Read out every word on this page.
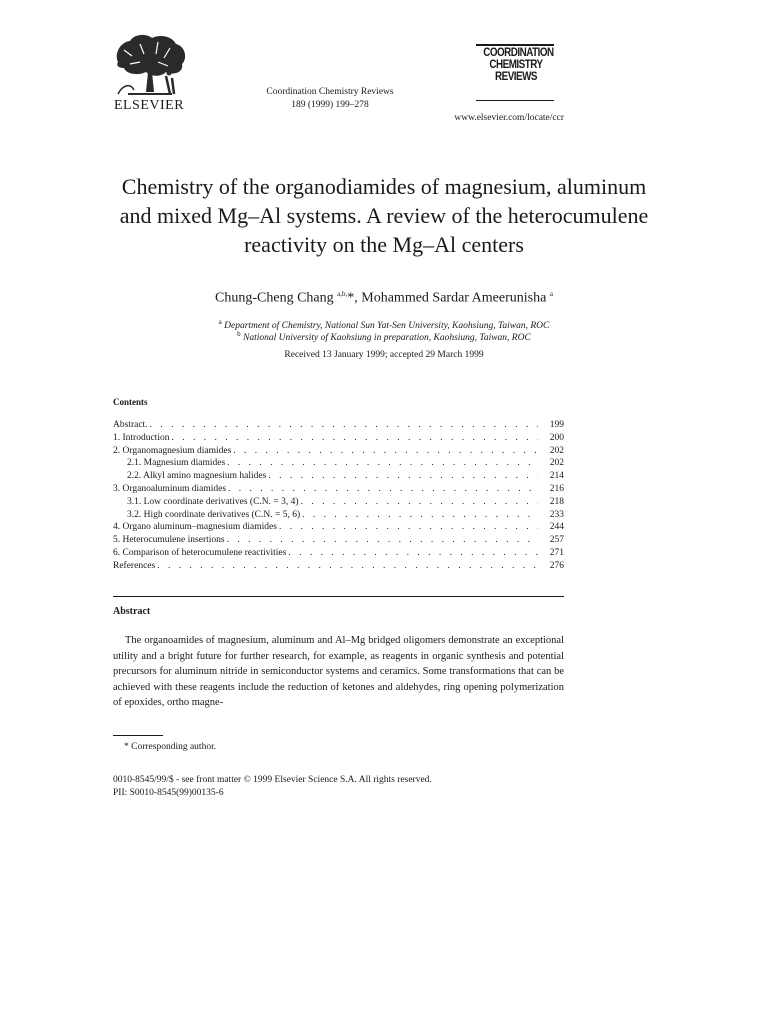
ELSEVIER
Coordination Chemistry Reviews
189 (1999) 199–278
COORDINATION
CHEMISTRY
REVIEWS
www.elsevier.com/locate/ccr
Chemistry of the organodiamides of magnesium, aluminum and mixed Mg–Al systems. A review of the heterocumulene reactivity on the Mg–Al centers
Chung-Cheng Chang $^{a,b,}$*, Mohammed Sardar Ameerunisha $^a$
$^a$ Department of Chemistry, National Sun Yat-Sen University, Kaohsiung, Taiwan, ROC
$^b$ National University of Kaohsiung in preparation, Kaohsiung, Taiwan, ROC
Received 13 January 1999; accepted 29 March 1999
Contents
Abstract. . . .	199
1. Introduction . . .	200
2. Organomagnesium diamides . . .	202
2.1. Magnesium diamides . . .	202
2.2. Alkyl amino magnesium halides . . .	214
3. Organoaluminum diamides . . .	216
3.1. Low coordinate derivatives (C.N. = 3, 4) . . .	218
3.2. High coordinate derivatives (C.N. = 5, 6) . . .	233
4. Organo aluminum–magnesium diamides . . .	244
5. Heterocumulene insertions . . .	257
6. Comparison of heterocumulene reactivities . . .	271
References . . .	276
Abstract
The organoamides of magnesium, aluminum and Al–Mg bridged oligomers demonstrate an exceptional utility and a bright future for further research, for example, as reagents in organic synthesis and potential precursors for aluminum nitride in semiconductor systems and ceramics. Some transformations that can be achieved with these reagents include the reduction of ketones and aldehydes, ring opening polymerization of epoxides, ortho magne-
* Corresponding author.
0010-8545/99/$ - see front matter © 1999 Elsevier Science S.A. All rights reserved.
PII: S0010-8545(99)00135-6
